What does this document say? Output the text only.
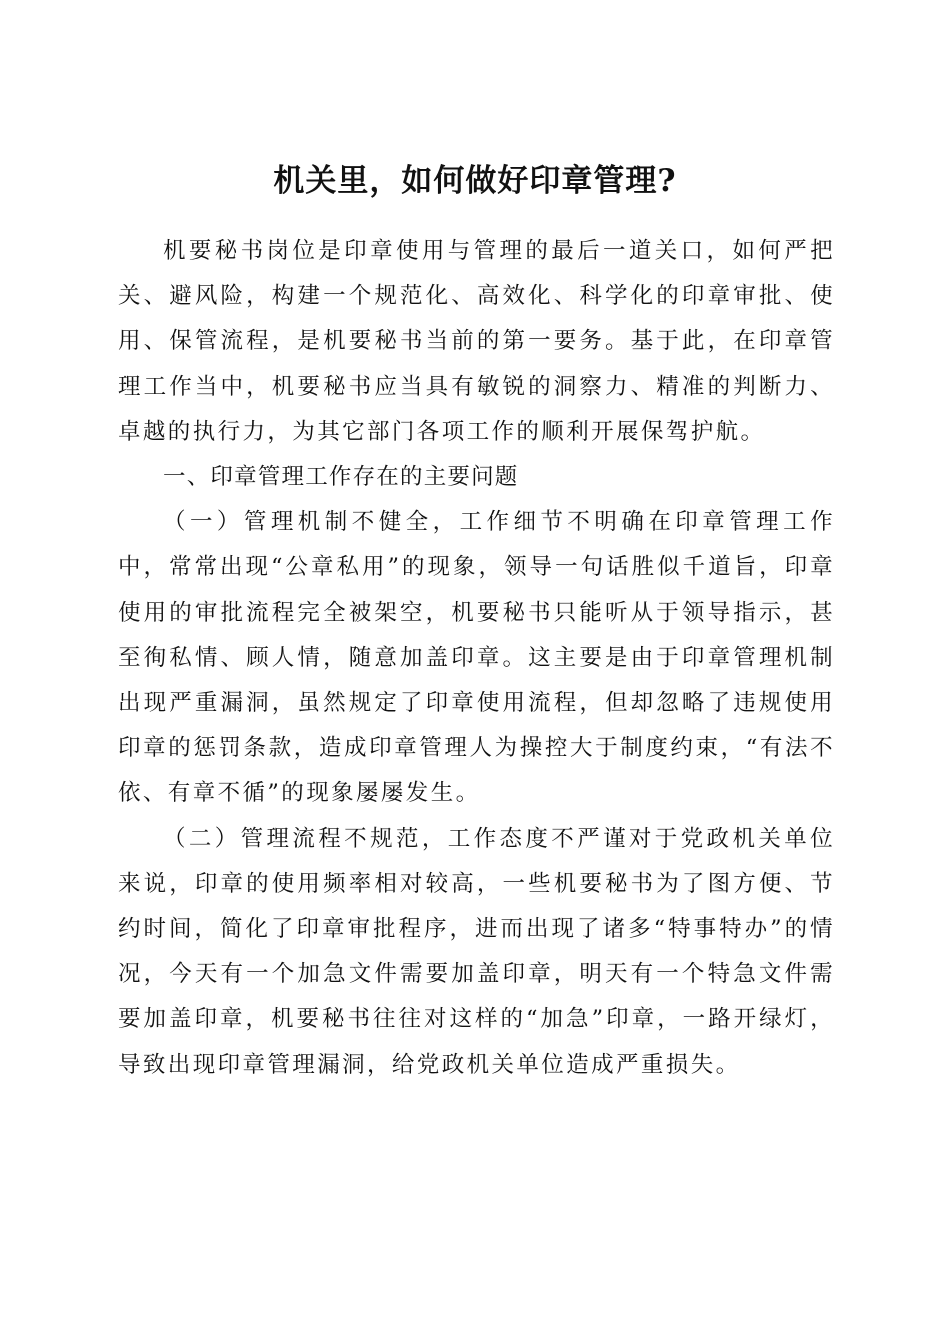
机关里，如何做好印章管理?

机要秘书岗位是印章使用与管理的最后一道关口，如何严把关、避风险，构建一个规范化、高效化、科学化的印章审批、使用、保管流程，是机要秘书当前的第一要务。基于此，在印章管理工作当中，机要秘书应当具有敏锐的洞察力、精准的判断力、卓越的执行力，为其它部门各项工作的顺利开展保驾护航。

一、印章管理工作存在的主要问题

（一）管理机制不健全，工作细节不明确在印章管理工作中，常常出现“公章私用”的现象，领导一句话胜似千道旨，印章使用的审批流程完全被架空，机要秘书只能听从于领导指示，甚至徇私情、顾人情，随意加盖印章。这主要是由于印章管理机制出现严重漏洞，虽然规定了印章使用流程，但却忽略了违规使用印章的惩罚条款，造成印章管理人为操控大于制度约束，“有法不依、有章不循”的现象屡屡发生。

（二）管理流程不规范，工作态度不严谨对于党政机关单位来说，印章的使用频率相对较高，一些机要秘书为了图方便、节约时间，简化了印章审批程序，进而出现了诸多“特事特办”的情况，今天有一个加急文件需要加盖印章，明天有一个特急文件需要加盖印章，机要秘书往往对这样的“加急”印章，一路开绿灯，导致出现印章管理漏洞，给党政机关单位造成严重损失。
